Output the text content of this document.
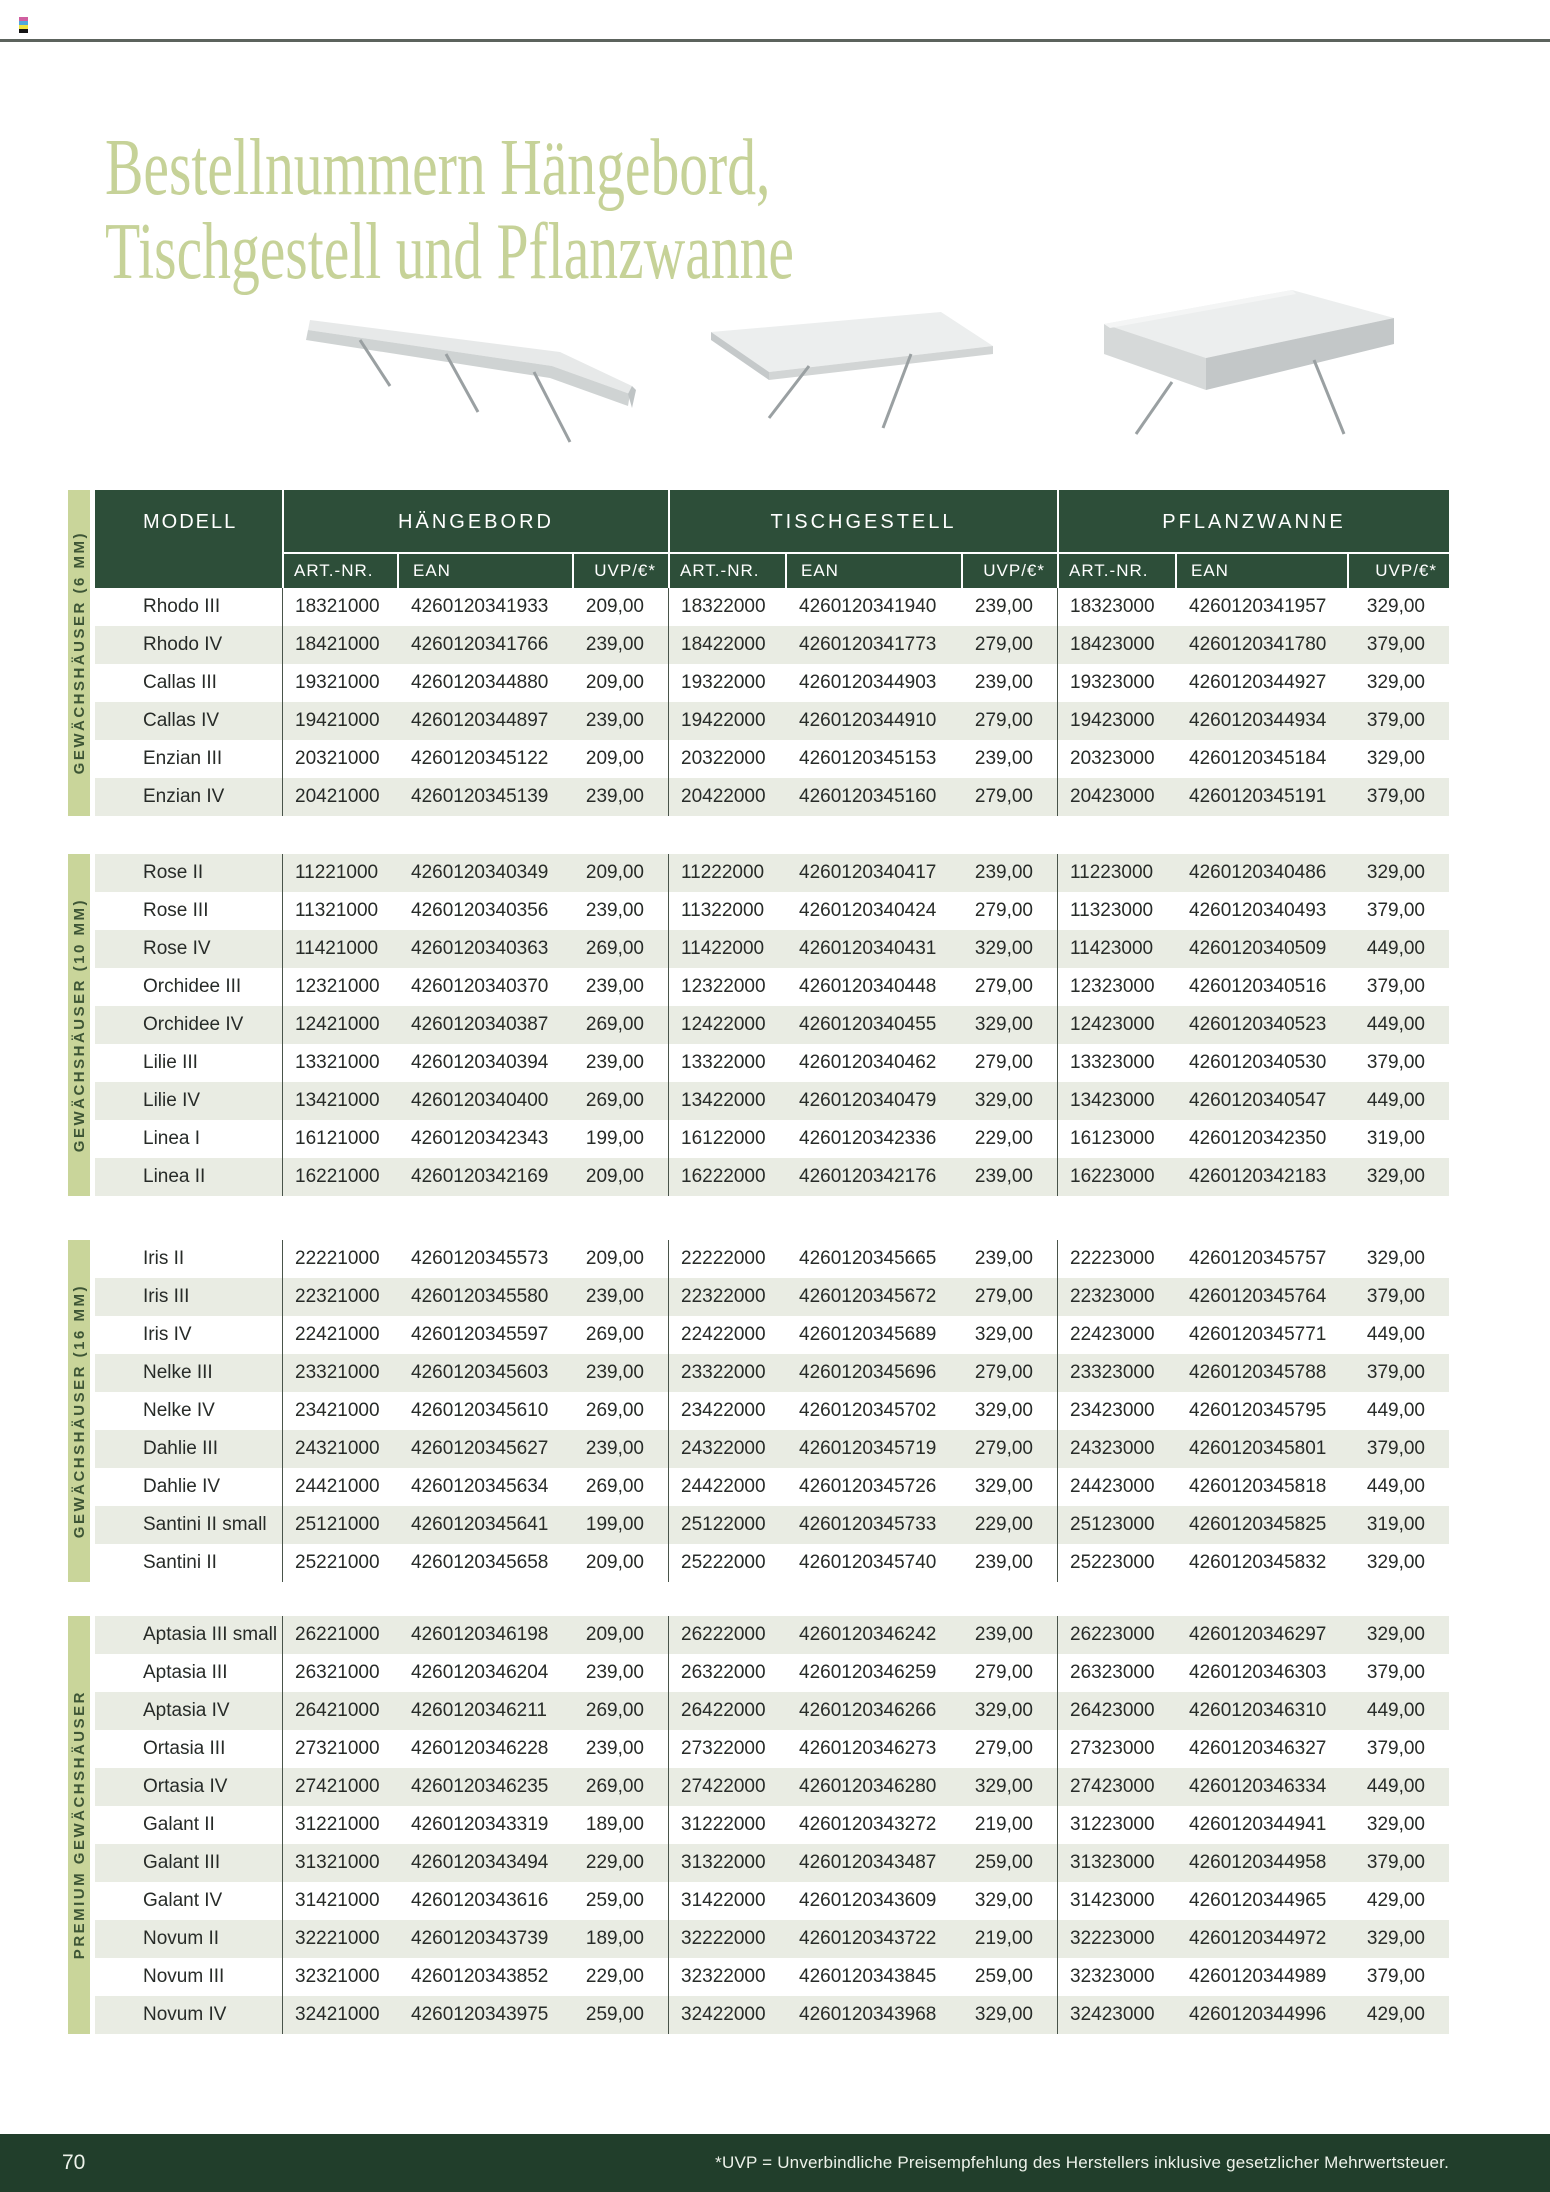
Bestellnummern Hängebord,
Tischgestell und Pflanzwanne
GEWÄCHSHÄUSER (6 MM)
MODELL	HÄNGEBORD
ART.-NR.	EAN	UVP/€*
TISCHGESTELL
ART.-NR.	EAN	UVP/€*
PFLANZWANNE
ART.-NR.	EAN	UVP/€*
Rhodo III	18321000	4260120341933	209,00	18322000	4260120341940	239,00	18323000	4260120341957	329,00
Rhodo IV	18421000	4260120341766	239,00	18422000	4260120341773	279,00	18423000	4260120341780	379,00
Callas III	19321000	4260120344880	209,00	19322000	4260120344903	239,00	19323000	4260120344927	329,00
Callas IV	19421000	4260120344897	239,00	19422000	4260120344910	279,00	19423000	4260120344934	379,00
Enzian III	20321000	4260120345122	209,00	20322000	4260120345153	239,00	20323000	4260120345184	329,00
Enzian IV	20421000	4260120345139	239,00	20422000	4260120345160	279,00	20423000	4260120345191	379,00
GEWÄCHSHÄUSER (10 MM)
Rose II	11221000	4260120340349	209,00	11222000	4260120340417	239,00	11223000	4260120340486	329,00
Rose III	11321000	4260120340356	239,00	11322000	4260120340424	279,00	11323000	4260120340493	379,00
Rose IV	11421000	4260120340363	269,00	11422000	4260120340431	329,00	11423000	4260120340509	449,00
Orchidee III	12321000	4260120340370	239,00	12322000	4260120340448	279,00	12323000	4260120340516	379,00
Orchidee IV	12421000	4260120340387	269,00	12422000	4260120340455	329,00	12423000	4260120340523	449,00
Lilie III	13321000	4260120340394	239,00	13322000	4260120340462	279,00	13323000	4260120340530	379,00
Lilie IV	13421000	4260120340400	269,00	13422000	4260120340479	329,00	13423000	4260120340547	449,00
Linea I	16121000	4260120342343	199,00	16122000	4260120342336	229,00	16123000	4260120342350	319,00
Linea II	16221000	4260120342169	209,00	16222000	4260120342176	239,00	16223000	4260120342183	329,00
GEWÄCHSHÄUSER (16 MM)
Iris II	22221000	4260120345573	209,00	22222000	4260120345665	239,00	22223000	4260120345757	329,00
Iris III	22321000	4260120345580	239,00	22322000	4260120345672	279,00	22323000	4260120345764	379,00
Iris IV	22421000	4260120345597	269,00	22422000	4260120345689	329,00	22423000	4260120345771	449,00
Nelke III	23321000	4260120345603	239,00	23322000	4260120345696	279,00	23323000	4260120345788	379,00
Nelke IV	23421000	4260120345610	269,00	23422000	4260120345702	329,00	23423000	4260120345795	449,00
Dahlie III	24321000	4260120345627	239,00	24322000	4260120345719	279,00	24323000	4260120345801	379,00
Dahlie IV	24421000	4260120345634	269,00	24422000	4260120345726	329,00	24423000	4260120345818	449,00
Santini II small	25121000	4260120345641	199,00	25122000	4260120345733	229,00	25123000	4260120345825	319,00
Santini II	25221000	4260120345658	209,00	25222000	4260120345740	239,00	25223000	4260120345832	329,00
PREMIUM GEWÄCHSHÄUSER
Aptasia III small 26221000	4260120346198	209,00	26222000	4260120346242	239,00	26223000	4260120346297	329,00
Aptasia III	26321000	4260120346204	239,00	26322000	4260120346259	279,00	26323000	4260120346303	379,00
Aptasia IV	26421000	4260120346211	269,00	26422000	4260120346266	329,00	26423000	4260120346310	449,00
Ortasia III	27321000	4260120346228	239,00	27322000	4260120346273	279,00	27323000	4260120346327	379,00
Ortasia IV	27421000	4260120346235	269,00	27422000	4260120346280	329,00	27423000	4260120346334	449,00
Galant II	31221000	4260120343319	189,00	31222000	4260120343272	219,00	31223000	4260120344941	329,00
Galant III	31321000	4260120343494	229,00	31322000	4260120343487	259,00	31323000	4260120344958	379,00
Galant IV	31421000	4260120343616	259,00	31422000	4260120343609	329,00	31423000	4260120344965	429,00
Novum II	32221000	4260120343739	189,00	32222000	4260120343722	219,00	32223000	4260120344972	329,00
Novum III	32321000	4260120343852	229,00	32322000	4260120343845	259,00	32323000	4260120344989	379,00
Novum IV	32421000	4260120343975	259,00	32422000	4260120343968	329,00	32423000	4260120344996	429,00
70	*UVP = Unverbindliche Preisempfehlung des Herstellers inklusive gesetzlicher Mehrwertsteuer.
